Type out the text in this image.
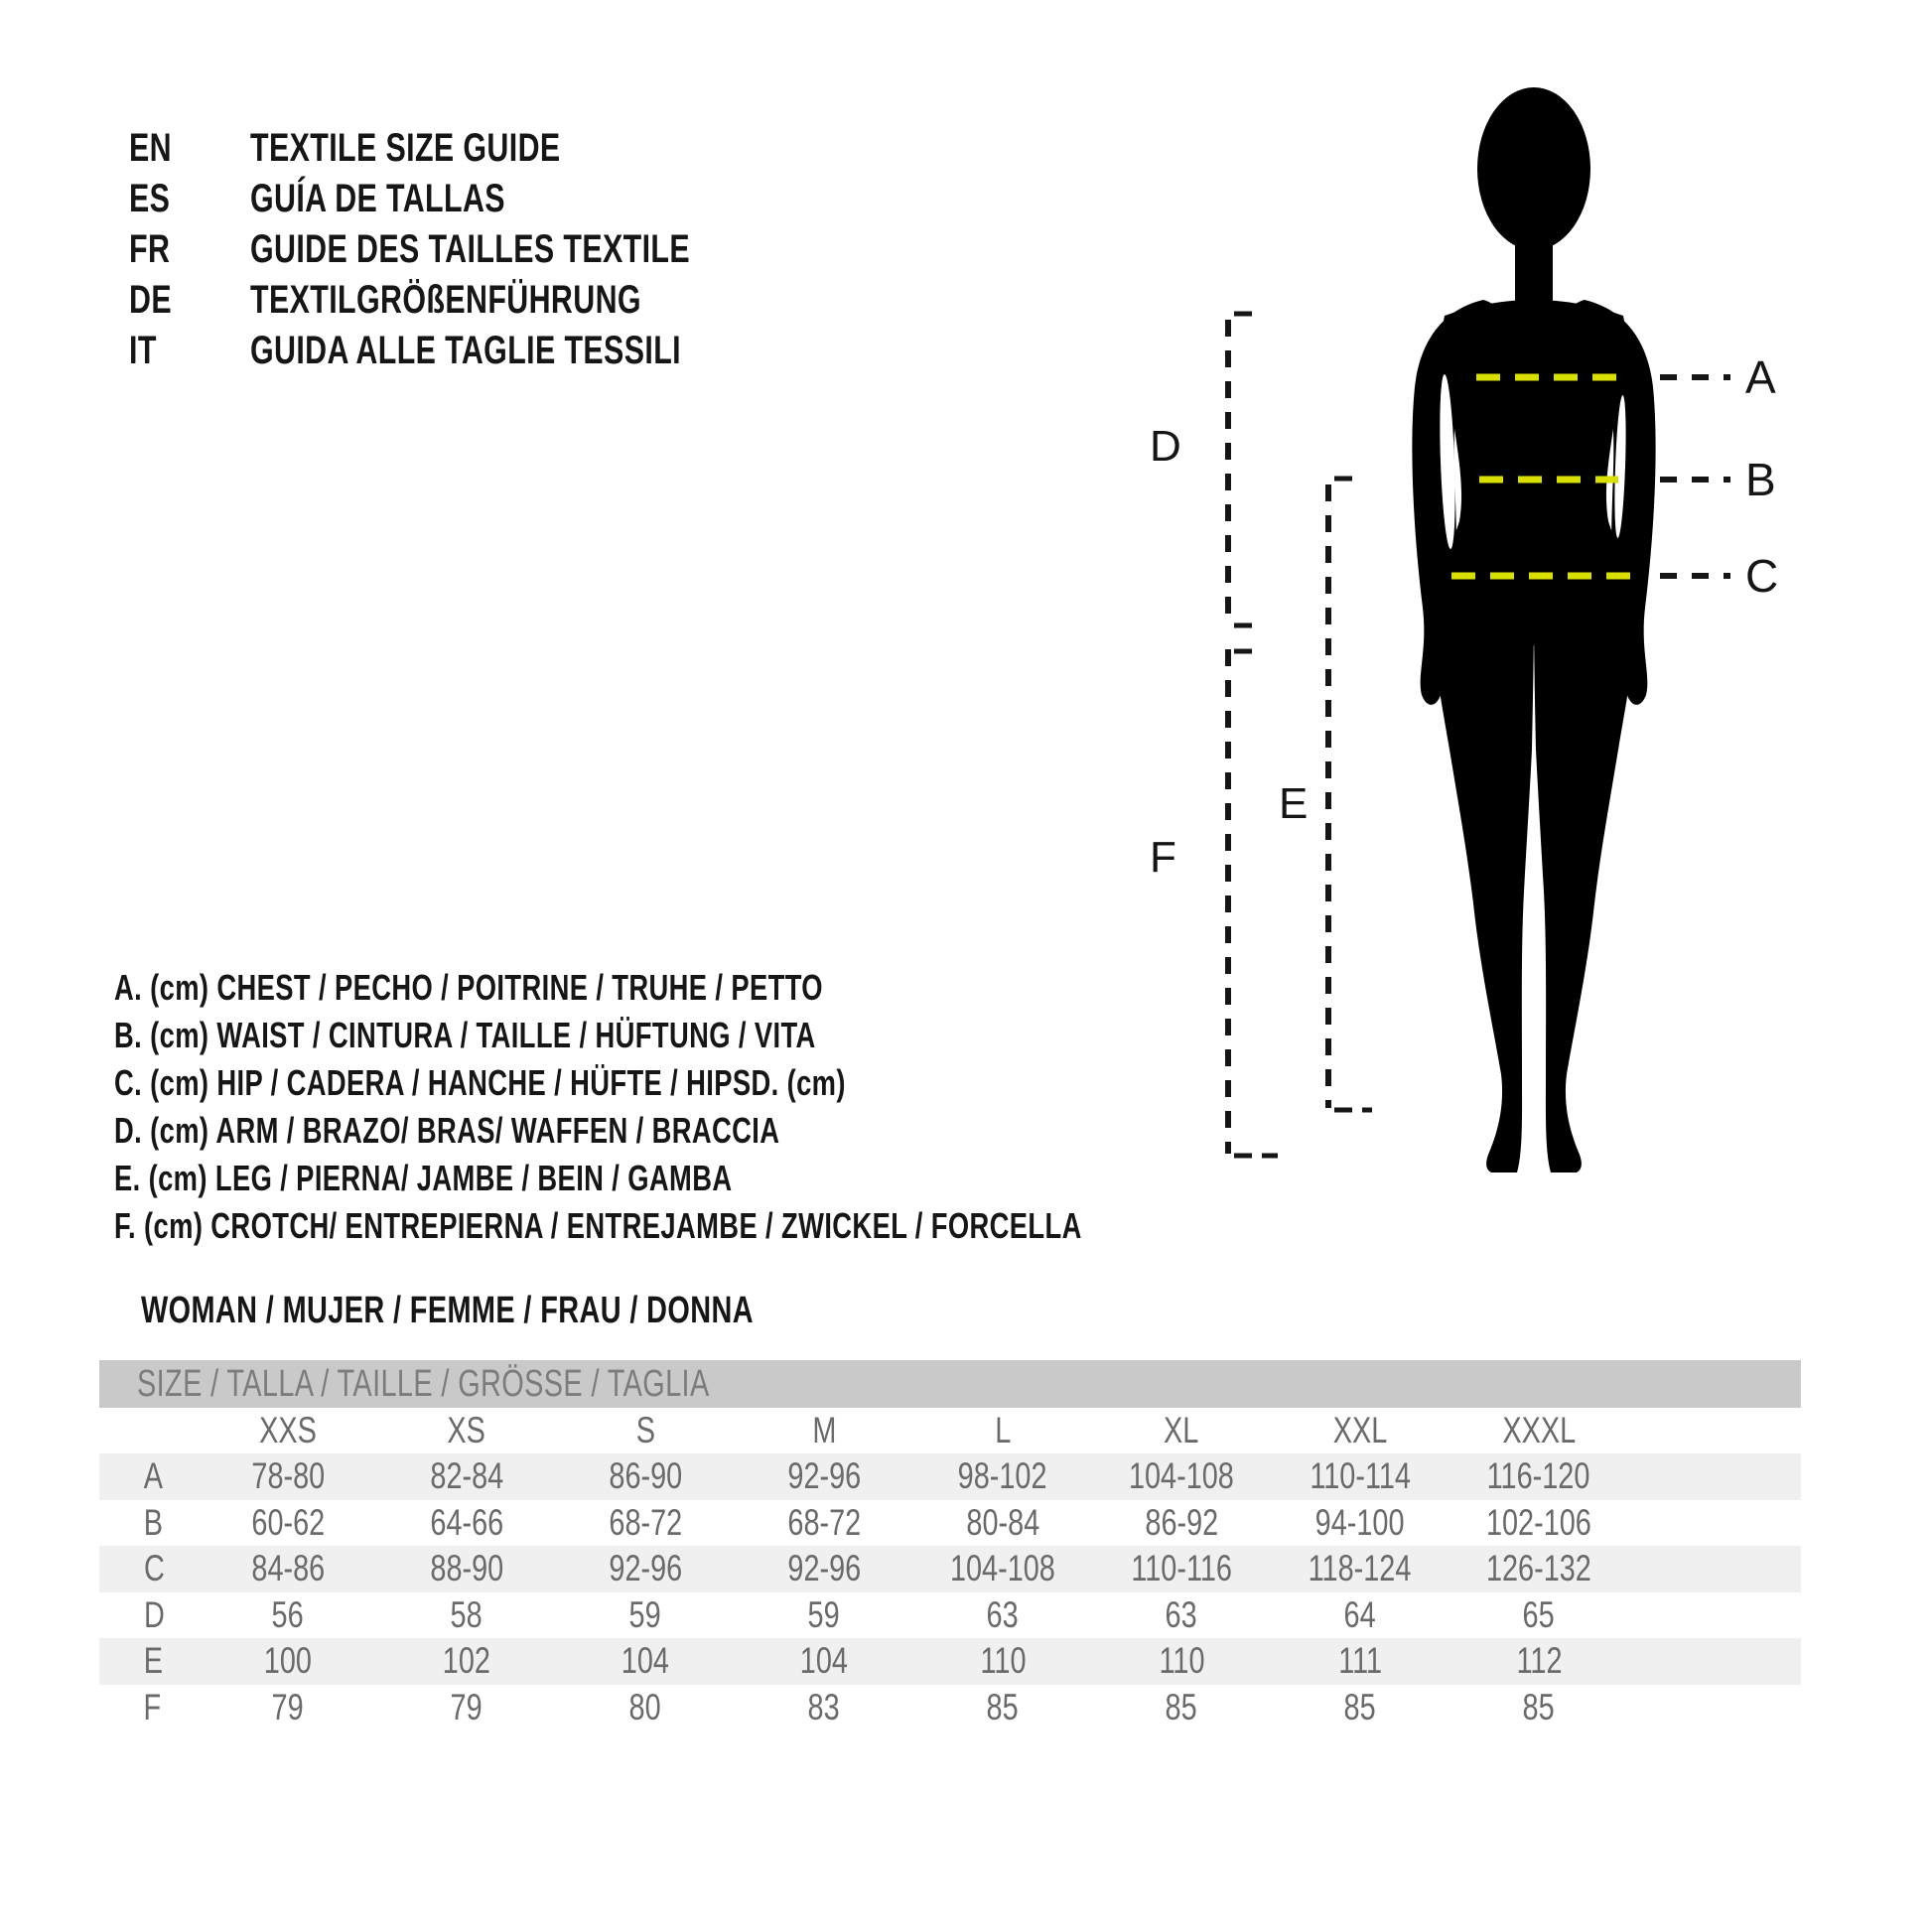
EN	TEXTILE SIZE GUIDE
ES	GUÍA DE TALLAS
FR	GUIDE DES TAILLES TEXTILE
DE	TEXTILGRÖßENFÜHRUNG
IT	GUIDA ALLE TAGLIE TESSILI
A
B
C
D
E
F
A. (cm) CHEST / PECHO / POITRINE / TRUHE / PETTO
B. (cm) WAIST / CINTURA / TAILLE / HÜFTUNG / VITA
C. (cm) HIP / CADERA / HANCHE / HÜFTE / HIPSD. (cm)
D. (cm) ARM / BRAZO/ BRAS/ WAFFEN / BRACCIA
E. (cm) LEG / PIERNA/ JAMBE / BEIN / GAMBA
F. (cm) CROTCH/ ENTREPIERNA / ENTREJAMBE / ZWICKEL / FORCELLA
WOMAN / MUJER / FEMME / FRAU / DONNA
SIZE / TALLA / TAILLE / GRÖSSE / TAGLIA
XXS	XS	S	M	L	XL	XXL	XXXL
A 78-80	82-84	86-90	92-96	98-102 104-108 110-114 116-120
B 60-62	64-66	68-72	68-72	80-84	86-92	94-100 102-106
C 84-86	88-90	92-96	92-96 104-108 110-116 118-124 126-132
D	56	58	59	59	63	63	64	65
E	100	102	104	104	110	110	111	112
F	79	79	80	83	85	85	85	85
